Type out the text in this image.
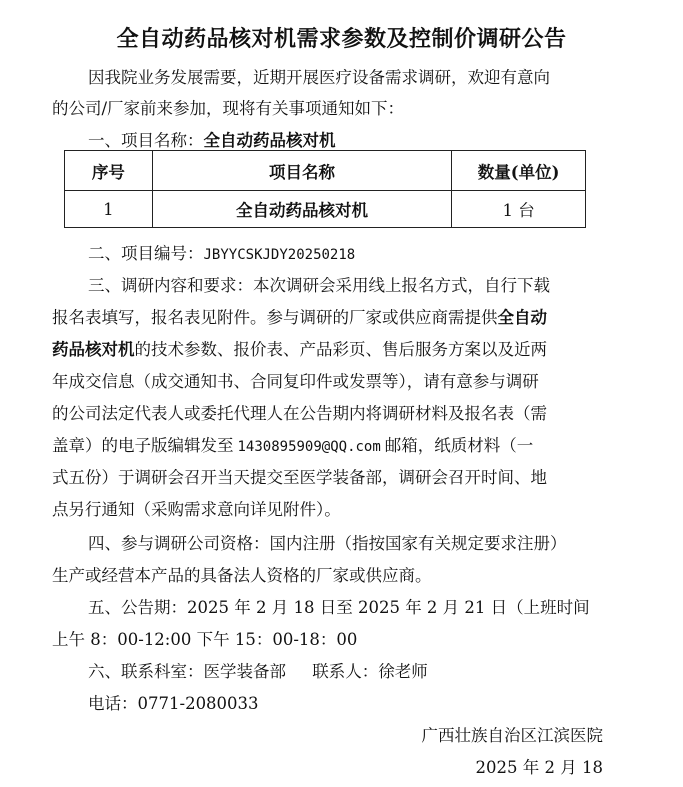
全自动药品核对机需求参数及控制价调研公告
因我院业务发展需要，近期开展医疗设备需求调研，欢迎有意向
的公司/厂家前来参加，现将有关事项通知如下：
一、项目名称：全自动药品核对机
序号	项目名称	数量(单位)
1	全自动药品核对机	1 台
二、项目编号：JBYYCSKJDY20250218
三、调研内容和要求：本次调研会采用线上报名方式，自行下载
报名表填写，报名表见附件。参与调研的厂家或供应商需提供全自动
药品核对机的技术参数、报价表、产品彩页、售后服务方案以及近两
年成交信息（成交通知书、合同复印件或发票等），请有意参与调研
的公司法定代表人或委托代理人在公告期内将调研材料及报名表（需
盖章）的电子版编辑发至 1430895909@QQ.com 邮箱，纸质材料（一
式五份）于调研会召开当天提交至医学装备部，调研会召开时间、地
点另行通知（采购需求意向详见附件）。
四、参与调研公司资格：国内注册（指按国家有关规定要求注册）
生产或经营本产品的具备法人资格的厂家或供应商。
五、公告期：2025 年 2 月 18 日至 2025 年 2 月 21 日（上班时间
上午 8：00-12:00 下午 15：00-18：00
六、联系科室：医学装备部     联系人：徐老师
电话：0771-2080033
广西壮族自治区江滨医院
2025 年 2 月 18
